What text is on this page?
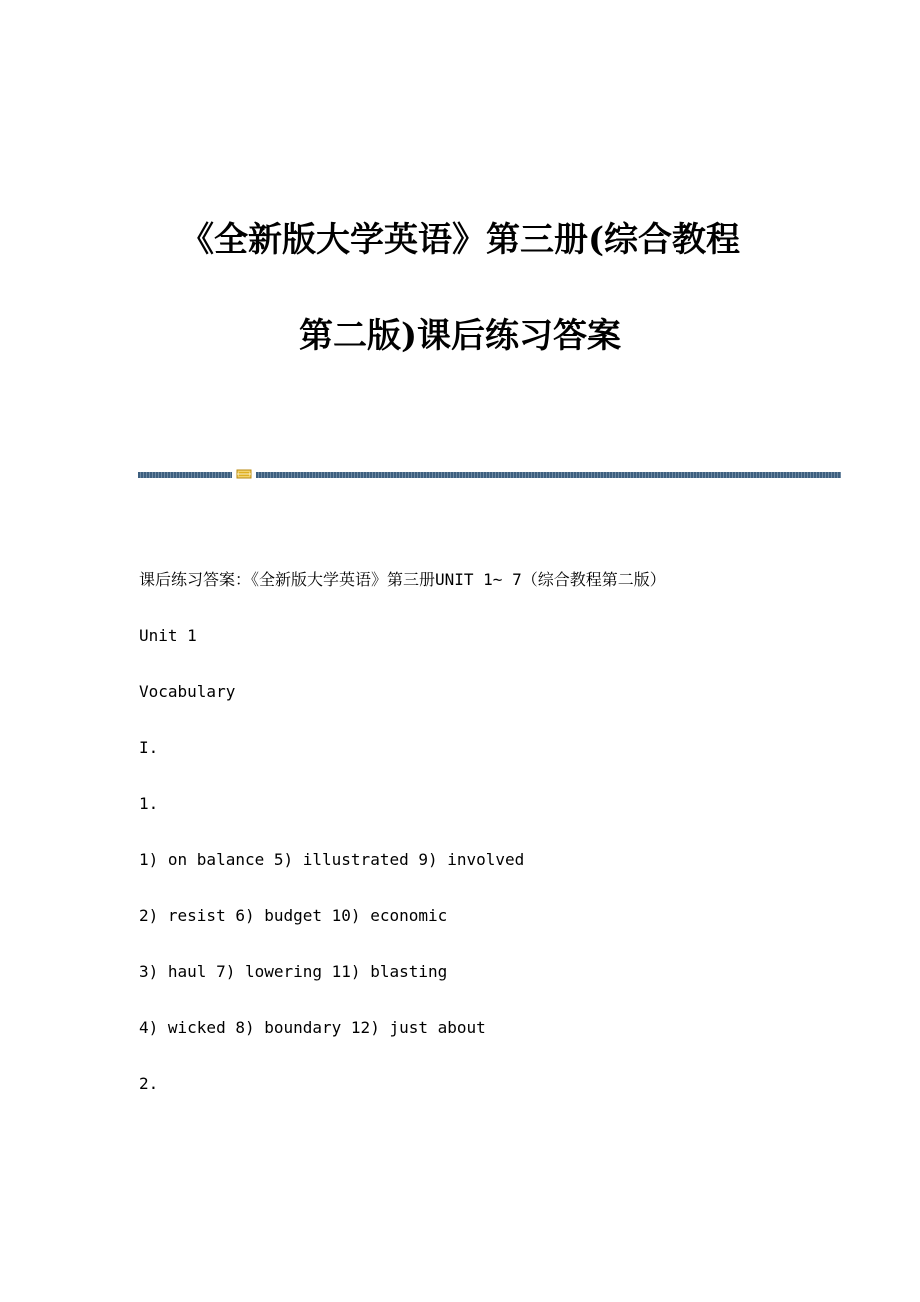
《全新版大学英语》第三册(综合教程
第二版)课后练习答案
课后练习答案：《全新版大学英语》第三册UNIT 1~ 7（综合教程第二版）
Unit 1
Vocabulary
I.
1.
1) on balance 5) illustrated 9) involved
2) resist 6) budget 10) economic
3) haul 7) lowering 11) blasting
4) wicked 8) boundary 12) just about
2.
